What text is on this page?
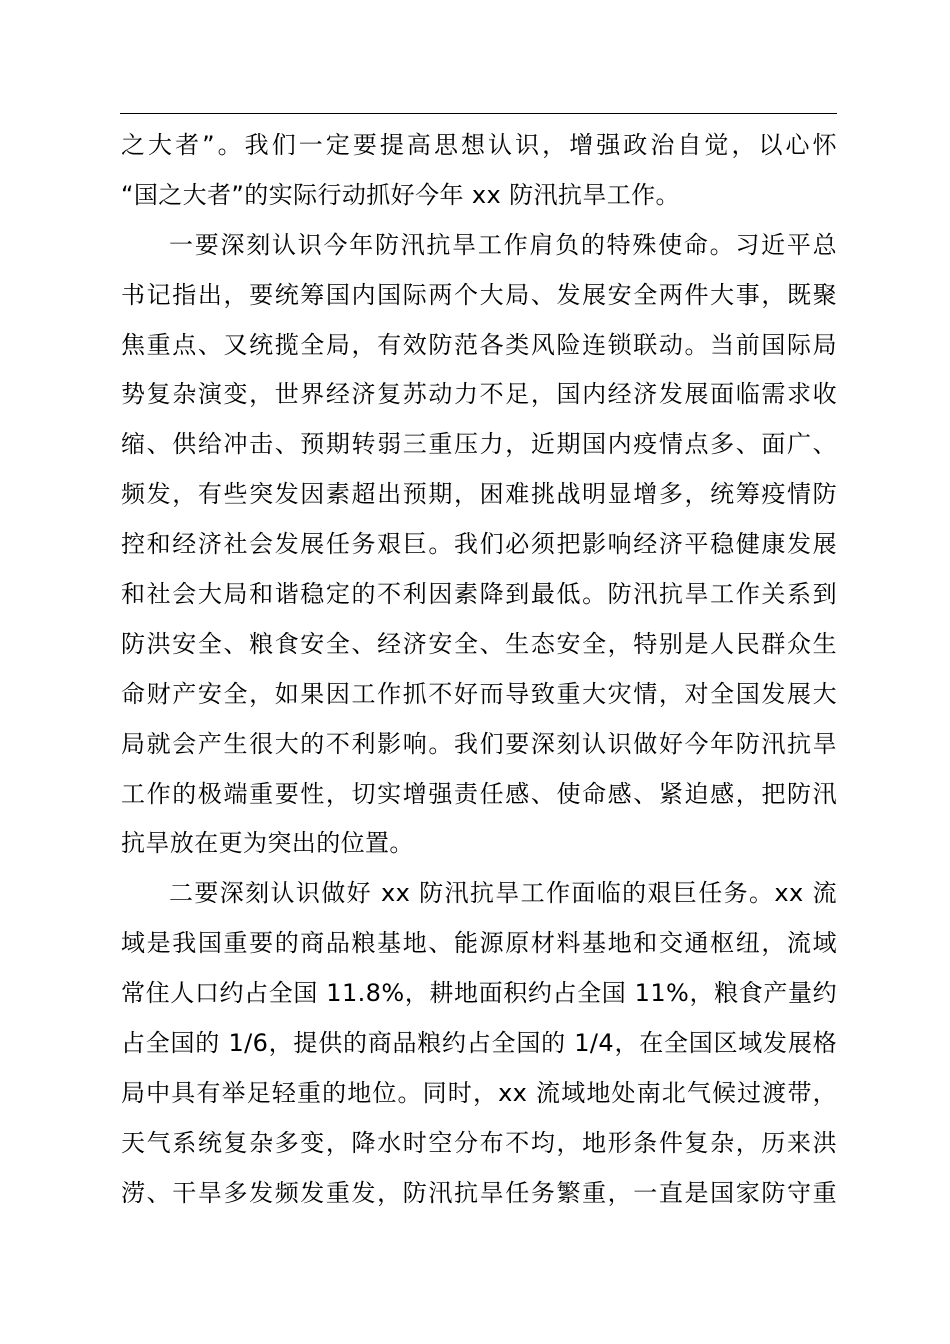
之大者”。我们一定要提高思想认识，增强政治自觉，以心怀
“国之大者”的实际行动抓好今年 xx 防汛抗旱工作。
一要深刻认识今年防汛抗旱工作肩负的特殊使命。习近平总
书记指出，要统筹国内国际两个大局、发展安全两件大事，既聚
焦重点、又统揽全局，有效防范各类风险连锁联动。当前国际局
势复杂演变，世界经济复苏动力不足，国内经济发展面临需求收
缩、供给冲击、预期转弱三重压力，近期国内疫情点多、面广、
频发，有些突发因素超出预期，困难挑战明显增多，统筹疫情防
控和经济社会发展任务艰巨。我们必须把影响经济平稳健康发展
和社会大局和谐稳定的不利因素降到最低。防汛抗旱工作关系到
防洪安全、粮食安全、经济安全、生态安全，特别是人民群众生
命财产安全，如果因工作抓不好而导致重大灾情，对全国发展大
局就会产生很大的不利影响。我们要深刻认识做好今年防汛抗旱
工作的极端重要性，切实增强责任感、使命感、紧迫感，把防汛
抗旱放在更为突出的位置。
二要深刻认识做好 xx 防汛抗旱工作面临的艰巨任务。xx 流
域是我国重要的商品粮基地、能源原材料基地和交通枢纽，流域
常住人口约占全国 11.8%，耕地面积约占全国 11%，粮食产量约
占全国的 1/6，提供的商品粮约占全国的 1/4，在全国区域发展格
局中具有举足轻重的地位。同时，xx 流域地处南北气候过渡带，
天气系统复杂多变，降水时空分布不均，地形条件复杂，历来洪
涝、干旱多发频发重发，防汛抗旱任务繁重，一直是国家防守重
